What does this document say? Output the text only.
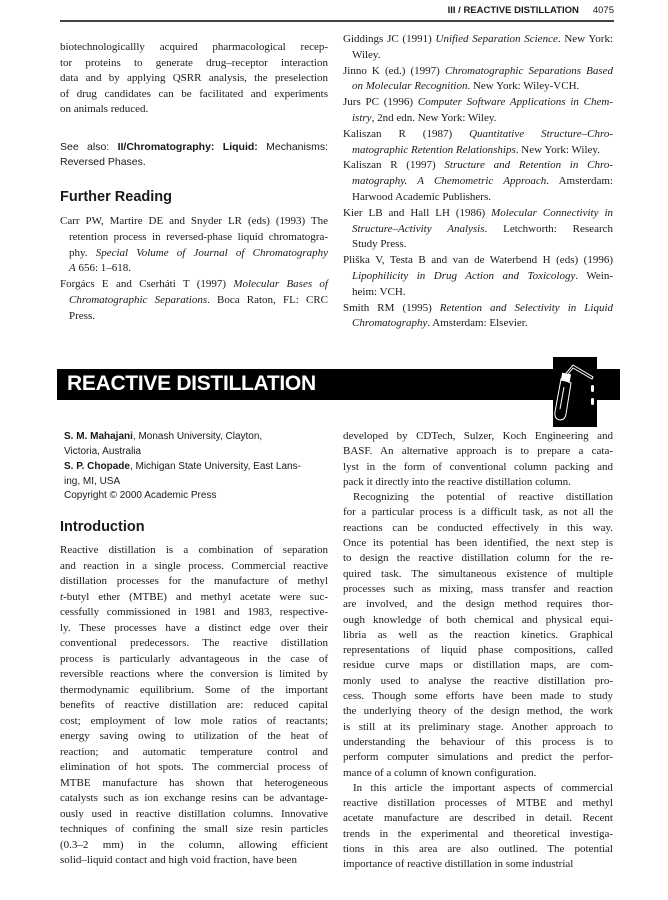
III / REACTIVE DISTILLATION 4075
biotechnologicallly acquired pharmacological recep-
tor proteins to generate drug–receptor interaction
data and by applying QSRR analysis, the preselection
of drug candidates can be facilitated and experiments
on animals reduced.
See also: II/Chromatography: Liquid: Mechanisms:
Reversed Phases.
Further Reading
Carr PW, Martire DE and Snyder LR (eds) (1993) The
retention process in reversed-phase liquid chromatogra-
phy. Special Volume of Journal of Chromatography
A 656: 1–618.
Forgács E and Cserháti T (1997) Molecular Bases of
Chromatographic Separations. Boca Raton, FL: CRC
Press.
Giddings JC (1991) Unified Separation Science. New York:
Wiley.
Jinno K (ed.) (1997) Chromatographic Separations Based
on Molecular Recognition. New York: Wiley-VCH.
Jurs PC (1996) Computer Software Applications in Chem-
istry, 2nd edn. New York: Wiley.
Kaliszan R (1987) Quantitative Structure–Chro-
matographic Retention Relationships. New York: Wiley.
Kaliszan R (1997) Structure and Retention in Chro-
matography. A Chemometric Approach. Amsterdam:
Harwood Academic Publishers.
Kier LB and Hall LH (1986) Molecular Connectivity in
Structure–Activity Analysis. Letchworth: Research
Study Press.
Pliška V, Testa B and van de Waterbend H (eds) (1996)
Lipophilicity in Drug Action and Toxicology. Wein-
heim: VCH.
Smith RM (1995) Retention and Selectivity in Liquid
Chromatography. Amsterdam: Elsevier.
REACTIVE DISTILLATION
S. M. Mahajani, Monash University, Clayton,
Victoria, Australia
S. P. Chopade, Michigan State University, East Lans-
ing, MI, USA
Copyright © 2000 Academic Press
Introduction
Reactive distillation is a combination of separation
and reaction in a single process. Commercial reactive
distillation processes for the manufacture of methyl
t-butyl ether (MTBE) and methyl acetate were suc-
cessfully commissioned in 1981 and 1983, respective-
ly. These processes have a distinct edge over their
conventional predecessors. The reactive distillation
process is particularly advantageous in the case of
reversible reactions where the conversion is limited by
thermodynamic equilibrium. Some of the important
benefits of reactive distillation are: reduced capital
cost; employment of low mole ratios of reactants;
energy saving owing to utilization of the heat of
reaction; and automatic temperature control and
elimination of hot spots. The commercial process of
MTBE manufacture has shown that heterogeneous
catalysts such as ion exchange resins can be advantage-
ously used in reactive distillation columns. Innovative
techniques of confining the small size resin particles
(0.3–2 mm) in the column, allowing efficient
solid–liquid contact and high void fraction, have been
developed by CDTech, Sulzer, Koch Engineering and
BASF. An alternative approach is to prepare a cata-
lyst in the form of conventional column packing and
pack it directly into the reactive distillation column.
Recognizing the potential of reactive distillation
for a particular process is a difficult task, as not all the
reactions can be conducted effectively in this way.
Once its potential has been identified, the next step is
to design the reactive distillation column for the re-
quired task. The simultaneous existence of multiple
processes such as mixing, mass transfer and reaction
are involved, and the design method requires thor-
ough knowledge of both chemical and physical equi-
libria as well as the reaction kinetics. Graphical
representations of liquid phase compositions, called
residue curve maps or distillation maps, are com-
monly used to analyse the reactive distillation pro-
cess. Though some efforts have been made to study
the underlying theory of the design method, the work
is still at its preliminary stage. Another approach to
understanding the behaviour of this process is to
perform computer simulations and predict the perfor-
mance of a column of known configuration.
In this article the important aspects of commercial
reactive distillation processes of MTBE and methyl
acetate manufacture are described in detail. Recent
trends in the experimental and theoretical investiga-
tions in this area are also outlined. The potential
importance of reactive distillation in some industrial
